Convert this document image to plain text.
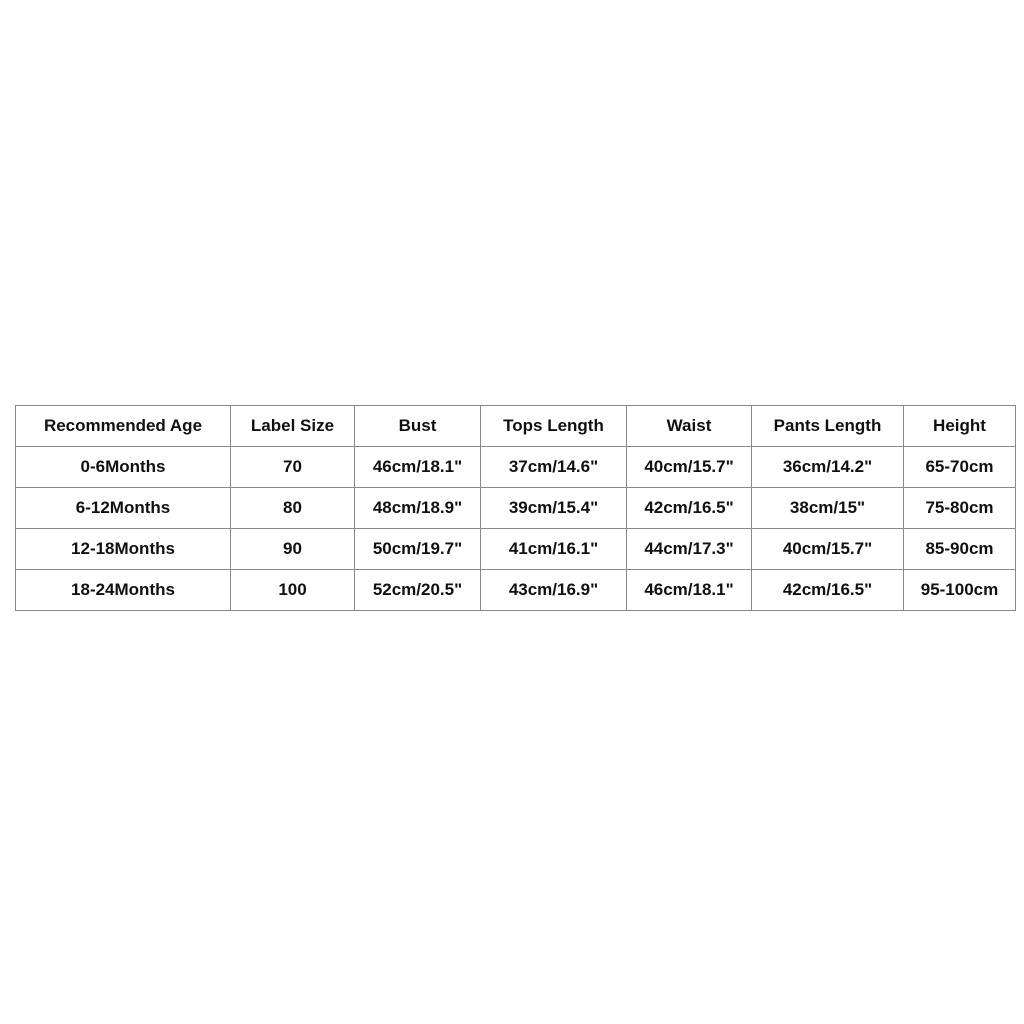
Recommended Age	Label Size	Bust	Tops Length	Waist	Pants Length	Height
0-6Months	70	46cm/18.1"	37cm/14.6"	40cm/15.7"	36cm/14.2"	65-70cm
6-12Months	80	48cm/18.9"	39cm/15.4"	42cm/16.5"	38cm/15"	75-80cm
12-18Months	90	50cm/19.7"	41cm/16.1"	44cm/17.3"	40cm/15.7"	85-90cm
18-24Months	100	52cm/20.5"	43cm/16.9"	46cm/18.1"	42cm/16.5"	95-100cm
